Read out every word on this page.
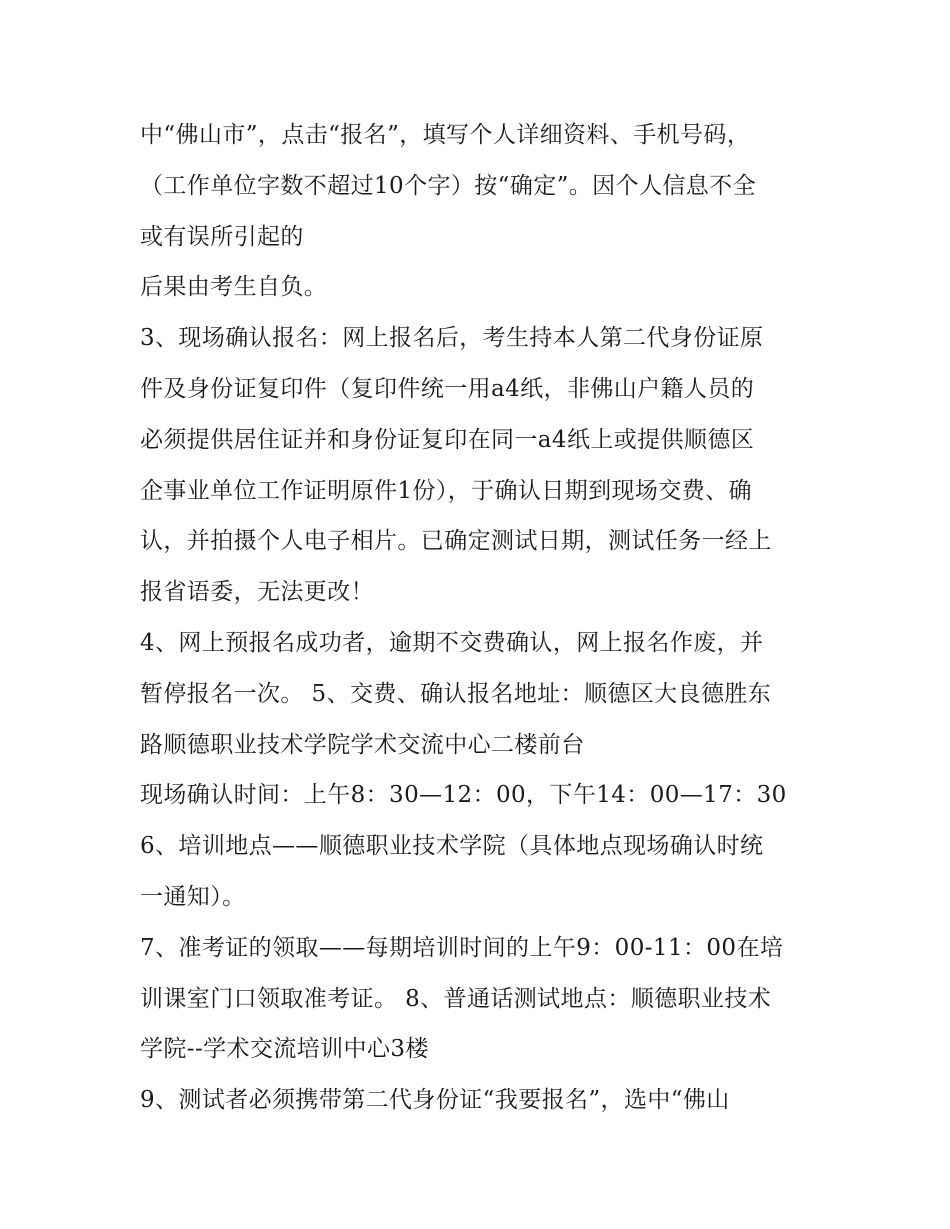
中“佛山市”，点击“报名”，填写个人详细资料、手机号码，
（工作单位字数不超过10个字）按“确定”。因个人信息不全
或有误所引起的
后果由考生自负。
3、现场确认报名：网上报名后，考生持本人第二代身份证原
件及身份证复印件（复印件统一用a4纸，非佛山户籍人员的
必须提供居住证并和身份证复印在同一a4纸上或提供顺德区
企事业单位工作证明原件1份），于确认日期到现场交费、确
认，并拍摄个人电子相片。已确定测试日期，测试任务一经上
报省语委，无法更改！
4、网上预报名成功者，逾期不交费确认，网上报名作废，并
暂停报名一次。 5、交费、确认报名地址：顺德区大良德胜东
路顺德职业技术学院学术交流中心二楼前台
现场确认时间：上午8：30—12：00，下午14：00—17：30
6、培训地点——顺德职业技术学院（具体地点现场确认时统
一通知）。
7、准考证的领取——每期培训时间的上午9：00-11：00在培
训课室门口领取准考证。 8、普通话测试地点：顺德职业技术
学院--学术交流培训中心3楼
9、测试者必须携带第二代身份证“我要报名”，选中“佛山
